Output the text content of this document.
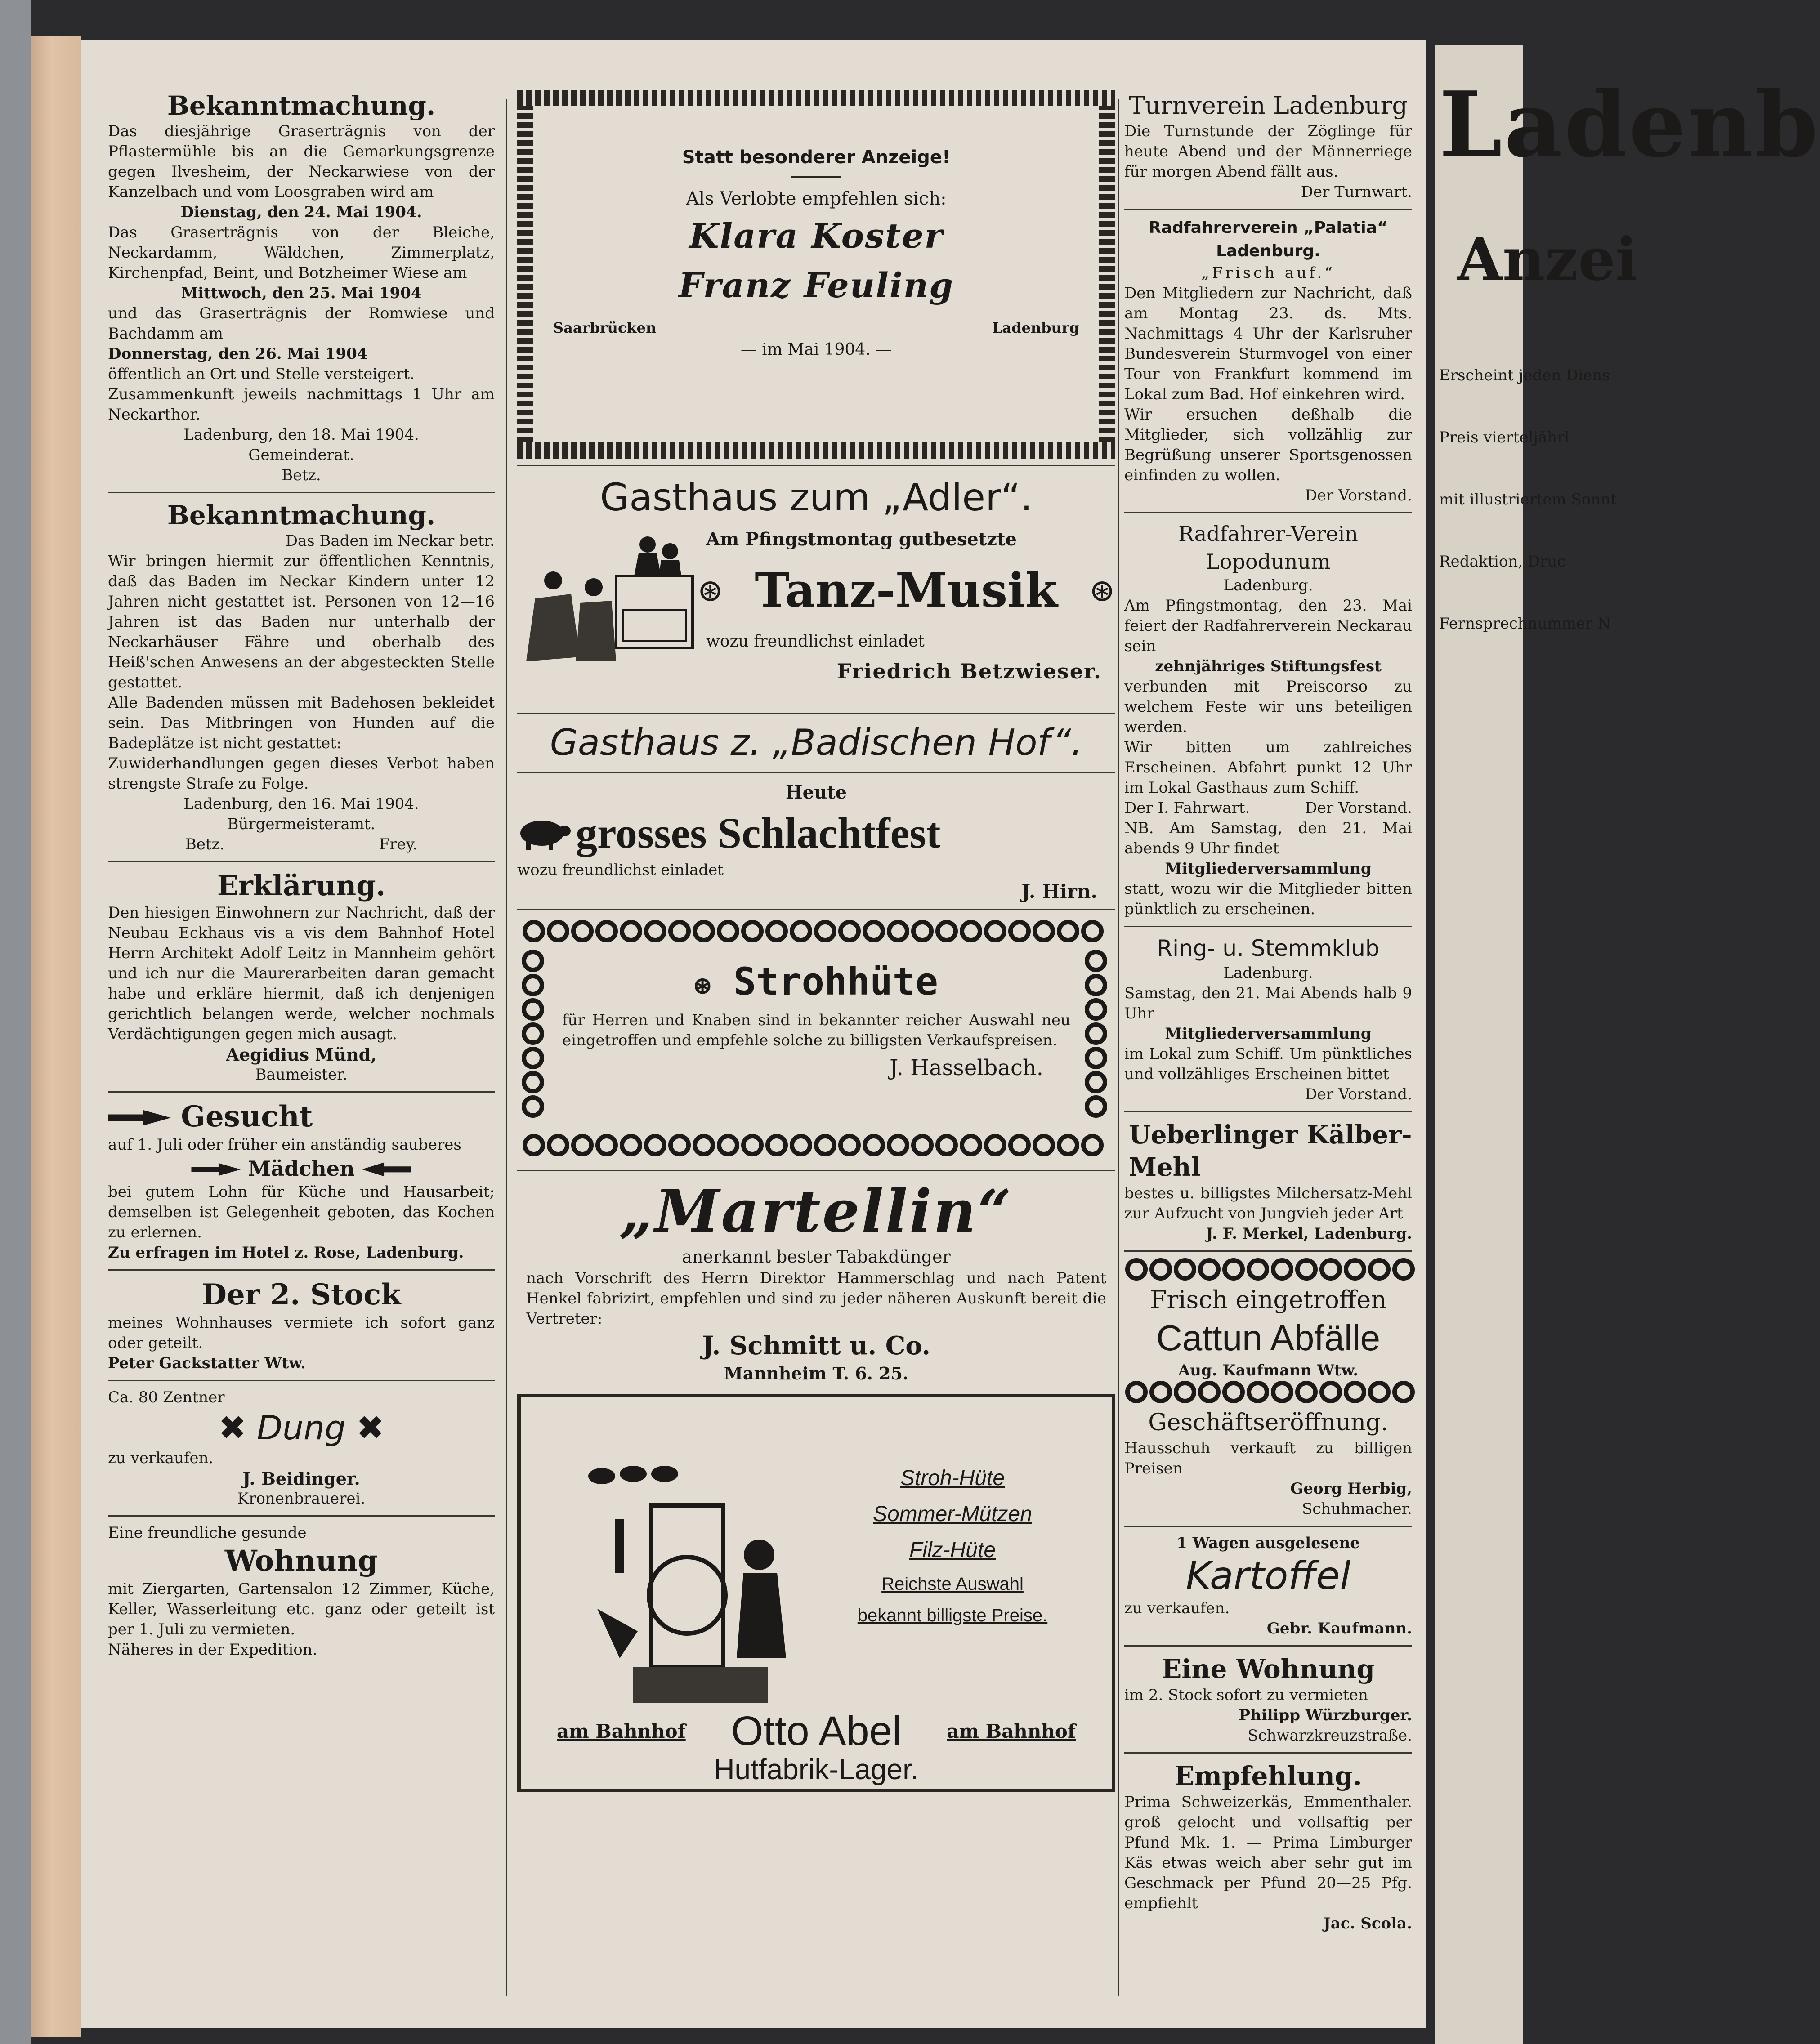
Ladenb
Anzei

Erscheint jeden Diens

Preis vierteljährl

mit illustriertem Sonnt

Redaktion, Druc

Fernsprechnummer N

Bekanntmachung.

Das diesjährige Graserträgnis von der Pflastermühle bis an die Gemarkungsgrenze gegen Ilvesheim, der Neckarwiese von der Kanzelbach und vom Loosgraben wird am

Dienstag, den 24. Mai 1904.

Das Graserträgnis von der Bleiche, Neckardamm, Wäldchen, Zimmerplatz, Kirchenpfad, Beint, und Botzheimer Wiese am

Mittwoch, den 25. Mai 1904

und das Graserträgnis der Romwiese und Bachdamm am

Donnerstag, den 26. Mai 1904

öffentlich an Ort und Stelle versteigert.

Zusammenkunft jeweils nachmittags 1 Uhr am Neckarthor.

Ladenburg, den 18. Mai 1904.

Gemeinderat.

Betz.

Bekanntmachung.

Das Baden im Neckar betr.

Wir bringen hiermit zur öffentlichen Kenntnis, daß das Baden im Neckar Kindern unter 12 Jahren nicht gestattet ist. Personen von 12—16 Jahren ist das Baden nur unterhalb der Neckarhäuser Fähre und oberhalb des Heiß'schen Anwesens an der abgesteckten Stelle gestattet.

Alle Badenden müssen mit Badehosen bekleidet sein. Das Mitbringen von Hunden auf die Badeplätze ist nicht gestattet:

Zuwiderhandlungen gegen dieses Verbot haben strengste Strafe zu Folge.

Ladenburg, den 16. Mai 1904.

Bürgermeisteramt.

Betz.	Frey.

Erklärung.

Den hiesigen Einwohnern zur Nachricht, daß der Neubau Eckhaus vis a vis dem Bahnhof Hotel Herrn Architekt Adolf Leitz in Mannheim gehört und ich nur die Maurerarbeiten daran gemacht habe und erkläre hiermit, daß ich denjenigen gerichtlich belangen werde, welcher nochmals Verdächtigungen gegen mich ausagt.

Aegidius Münd,

Baumeister.

Gesucht

auf 1. Juli oder früher ein anständig sauberes

Mädchen

bei gutem Lohn für Küche und Hausarbeit; demselben ist Gelegenheit geboten, das Kochen zu erlernen.

Zu erfragen im Hotel z. Rose, Ladenburg.

Der 2. Stock

meines Wohnhauses vermiete ich sofort ganz oder geteilt.

Peter Gackstatter Wtw.

Ca. 80 Zentner

✖ Dung ✖

zu verkaufen.

J. Beidinger.

Kronenbrauerei.

Eine freundliche gesunde

Wohnung

mit Ziergarten, Gartensalon 12 Zimmer, Küche, Keller, Wasserleitung etc. ganz oder geteilt ist per 1. Juli zu vermieten.

Näheres in der Expedition.

Statt besonderer Anzeige!

Als Verlobte empfehlen sich:

Klara Koster

Franz Feuling

Saarbrücken	Ladenburg

— im Mai 1904. —

Gasthaus zum „Adler“.

Am Pfingstmontag gutbesetzte

⊛ Tanz-Musik ⊛

wozu freundlichst einladet

Friedrich Betzwieser.

Gasthaus z. „Badischen Hof“.

Heute

grosses Schlachtfest

wozu freundlichst einladet

J. Hirn.

⊛ Strohhüte

für Herren und Knaben sind in bekannter reicher Auswahl neu eingetroffen und empfehle solche zu billigsten Verkaufspreisen.

J. Hasselbach.

„Martellin“

anerkannt bester Tabakdünger

nach Vorschrift des Herrn Direktor Hammerschlag und nach Patent Henkel fabrizirt, empfehlen und sind zu jeder näheren Auskunft bereit die Vertreter:

J. Schmitt u. Co.

Mannheim T. 6. 25.

Stroh-Hüte

Sommer-Mützen

Filz-Hüte

Reichste Auswahl

bekannt billigste Preise.

am Bahnhof Otto Abel am Bahnhof

Hutfabrik-Lager.

Turnverein Ladenburg

Die Turnstunde der Zöglinge für heute Abend und der Männerriege für morgen Abend fällt aus.

Der Turnwart.

Radfahrerverein „Palatia“ Ladenburg.

„Frisch auf.“

Den Mitgliedern zur Nachricht, daß am Montag 23. ds. Mts. Nachmittags 4 Uhr der Karlsruher Bundesverein Sturmvogel von einer Tour von Frankfurt kommend im Lokal zum Bad. Hof einkehren wird.

Wir ersuchen deßhalb die Mitglieder, sich vollzählig zur Begrüßung unserer Sportsgenossen einfinden zu wollen.

Der Vorstand.

Radfahrer-Verein Lopodunum

Ladenburg.

Am Pfingstmontag, den 23. Mai feiert der Radfahrerverein Neckarau sein

zehnjähriges Stiftungsfest

verbunden mit Preiscorso zu welchem Feste wir uns beteiligen werden.

Wir bitten um zahlreiches Erscheinen. Abfahrt punkt 12 Uhr im Lokal Gasthaus zum Schiff.

Der I. Fahrwart.	Der Vorstand.

NB. Am Samstag, den 21. Mai abends 9 Uhr findet

Mitgliederversammlung

statt, wozu wir die Mitglieder bitten pünktlich zu erscheinen.

Ring- u. Stemmklub

Ladenburg.

Samstag, den 21. Mai Abends halb 9 Uhr

Mitgliederversammlung

im Lokal zum Schiff. Um pünktliches und vollzähliges Erscheinen bittet

Der Vorstand.

Ueberlinger Kälber-Mehl

bestes u. billigstes Milchersatz-Mehl zur Aufzucht von Jungvieh jeder Art

J. F. Merkel, Ladenburg.

Frisch eingetroffen

Cattun Abfälle

Aug. Kaufmann Wtw.

Geschäftseröffnung.

Hausschuh verkauft zu billigen Preisen

Georg Herbig,

Schuhmacher.

1 Wagen ausgelesene

Kartoffel

zu verkaufen.

Gebr. Kaufmann.

Eine Wohnung

im 2. Stock sofort zu vermieten

Philipp Würzburger.

Schwarzkreuzstraße.

Empfehlung.

Prima Schweizerkäs, Emmenthaler. groß gelocht und vollsaftig per Pfund Mk. 1. — Prima Limburger Käs etwas weich aber sehr gut im Geschmack per Pfund 20—25 Pfg. empfiehlt

Jac. Scola.
